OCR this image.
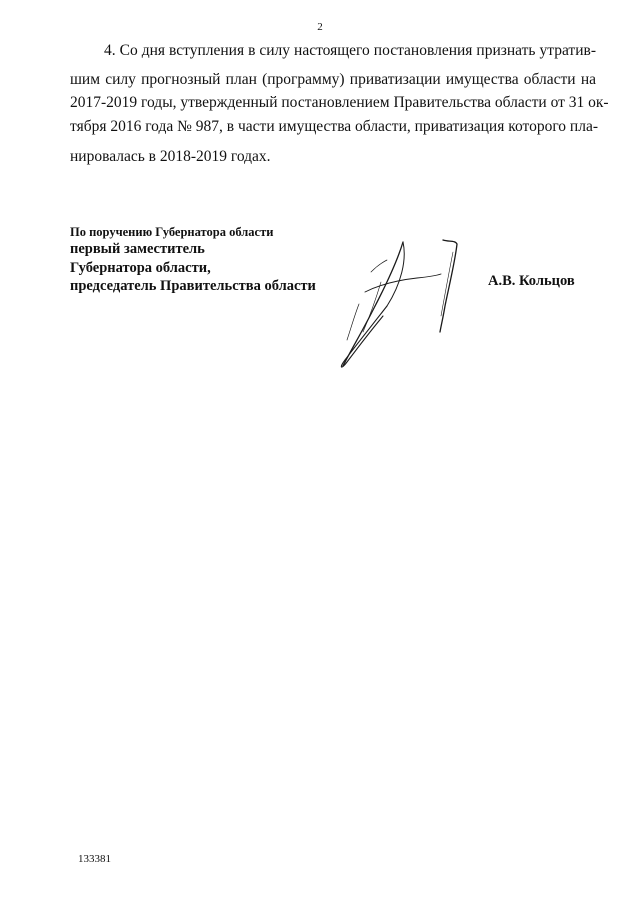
2
4. Со дня вступления в силу настоящего постановления признать утратив-
шим силу прогнозный план (программу) приватизации имущества области на
2017-2019 годы, утвержденный постановлением Правительства области от 31 ок-
тября 2016 года № 987, в части имущества области, приватизация которого пла-
нировалась в 2018-2019 годах.
По поручению Губернатора области
первый заместитель
Губернатора области,
председатель Правительства области	А.В. Кольцов
133381
